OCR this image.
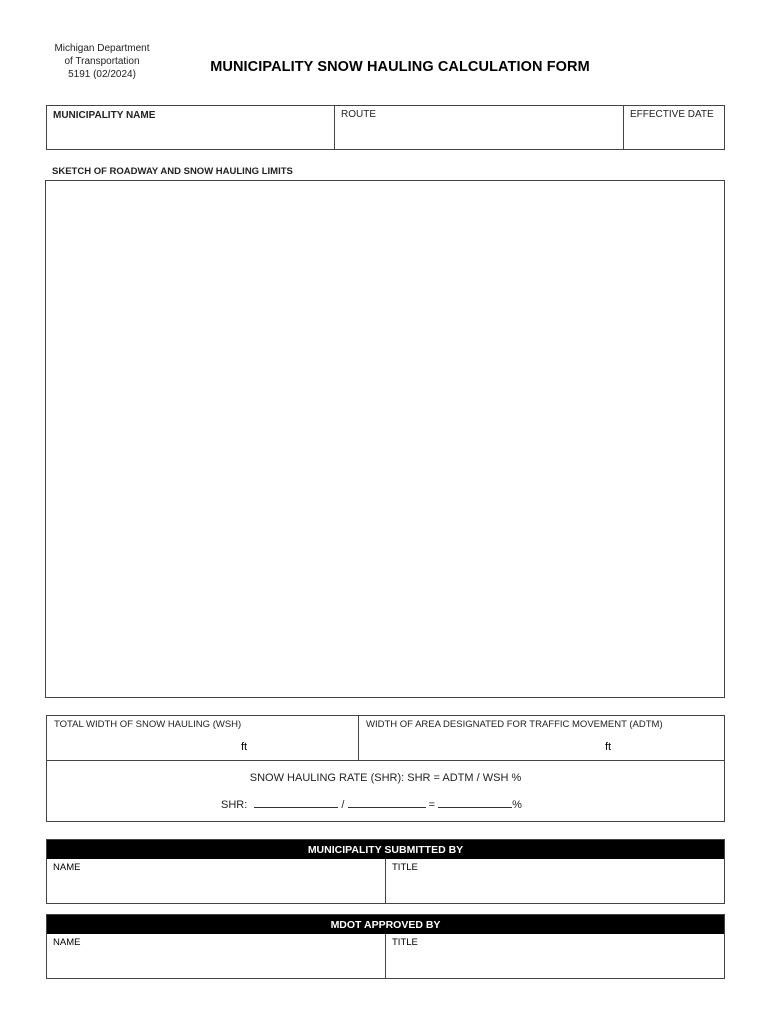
Michigan Department
of Transportation
5191 (02/2024)	MUNICIPALITY SNOW HAULING CALCULATION FORM
MUNICIPALITY NAME	ROUTE	EFFECTIVE DATE
SKETCH OF ROADWAY AND SNOW HAULING LIMITS
TOTAL WIDTH OF SNOW HAULING (WSH)
ft
WIDTH OF AREA DESIGNATED FOR TRAFFIC MOVEMENT (ADTM)
ft
SNOW HAULING RATE (SHR): SHR = ADTM / WSH %
SHR:	/	=	%
MUNICIPALITY SUBMITTED BY
NAME	TITLE
MDOT APPROVED BY
NAME	TITLE
